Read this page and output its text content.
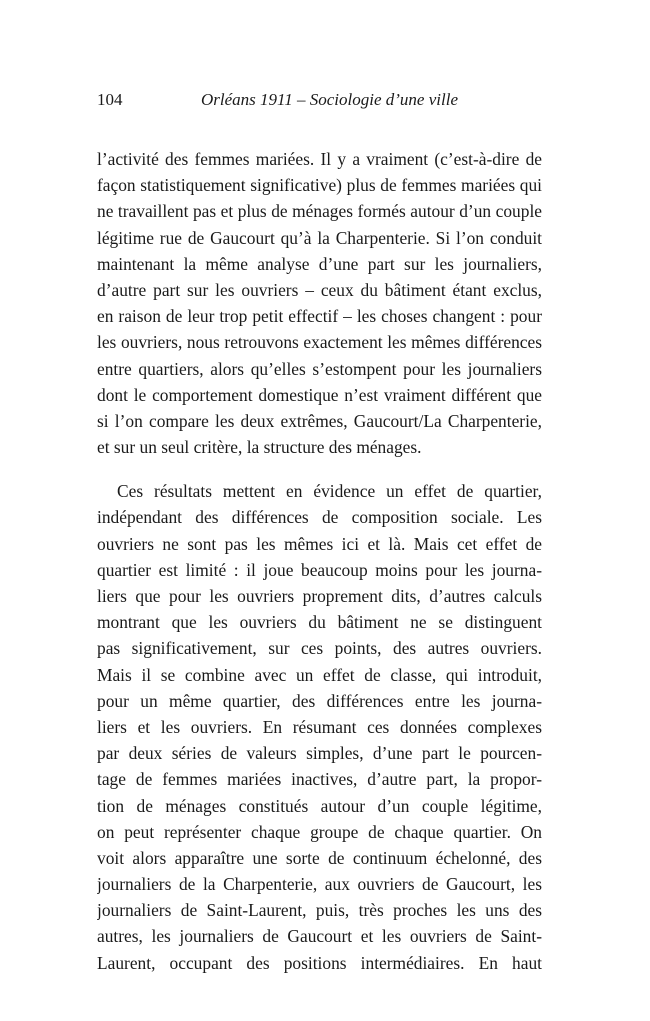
104	Orléans 1911 – Sociologie d’une ville
l’activité des femmes mariées. Il y a vraiment (c’est-à-dire de
façon statistiquement significative) plus de femmes mariées qui
ne travaillent pas et plus de ménages formés autour d’un couple
légitime rue de Gaucourt qu’à la Charpenterie. Si l’on conduit
maintenant la même analyse d’une part sur les journaliers,
d’autre part sur les ouvriers – ceux du bâtiment étant exclus,
en raison de leur trop petit effectif – les choses changent : pour
les ouvriers, nous retrouvons exactement les mêmes différences
entre quartiers, alors qu’elles s’estompent pour les journaliers
dont le comportement domestique n’est vraiment différent que
si l’on compare les deux extrêmes, Gaucourt/La Charpenterie,
et sur un seul critère, la structure des ménages.
Ces résultats mettent en évidence un effet de quartier,
indépendant des différences de composition sociale. Les
ouvriers ne sont pas les mêmes ici et là. Mais cet effet de
quartier est limité : il joue beaucoup moins pour les journa-
liers que pour les ouvriers proprement dits, d’autres calculs
montrant que les ouvriers du bâtiment ne se distinguent
pas significativement, sur ces points, des autres ouvriers.
Mais il se combine avec un effet de classe, qui introduit,
pour un même quartier, des différences entre les journa-
liers et les ouvriers. En résumant ces données complexes
par deux séries de valeurs simples, d’une part le pourcen-
tage de femmes mariées inactives, d’autre part, la propor-
tion de ménages constitués autour d’un couple légitime,
on peut représenter chaque groupe de chaque quartier. On
voit alors apparaître une sorte de continuum échelonné, des
journaliers de la Charpenterie, aux ouvriers de Gaucourt, les
journaliers de Saint-Laurent, puis, très proches les uns des
autres, les journaliers de Gaucourt et les ouvriers de Saint-
Laurent, occupant des positions intermédiaires. En haut
